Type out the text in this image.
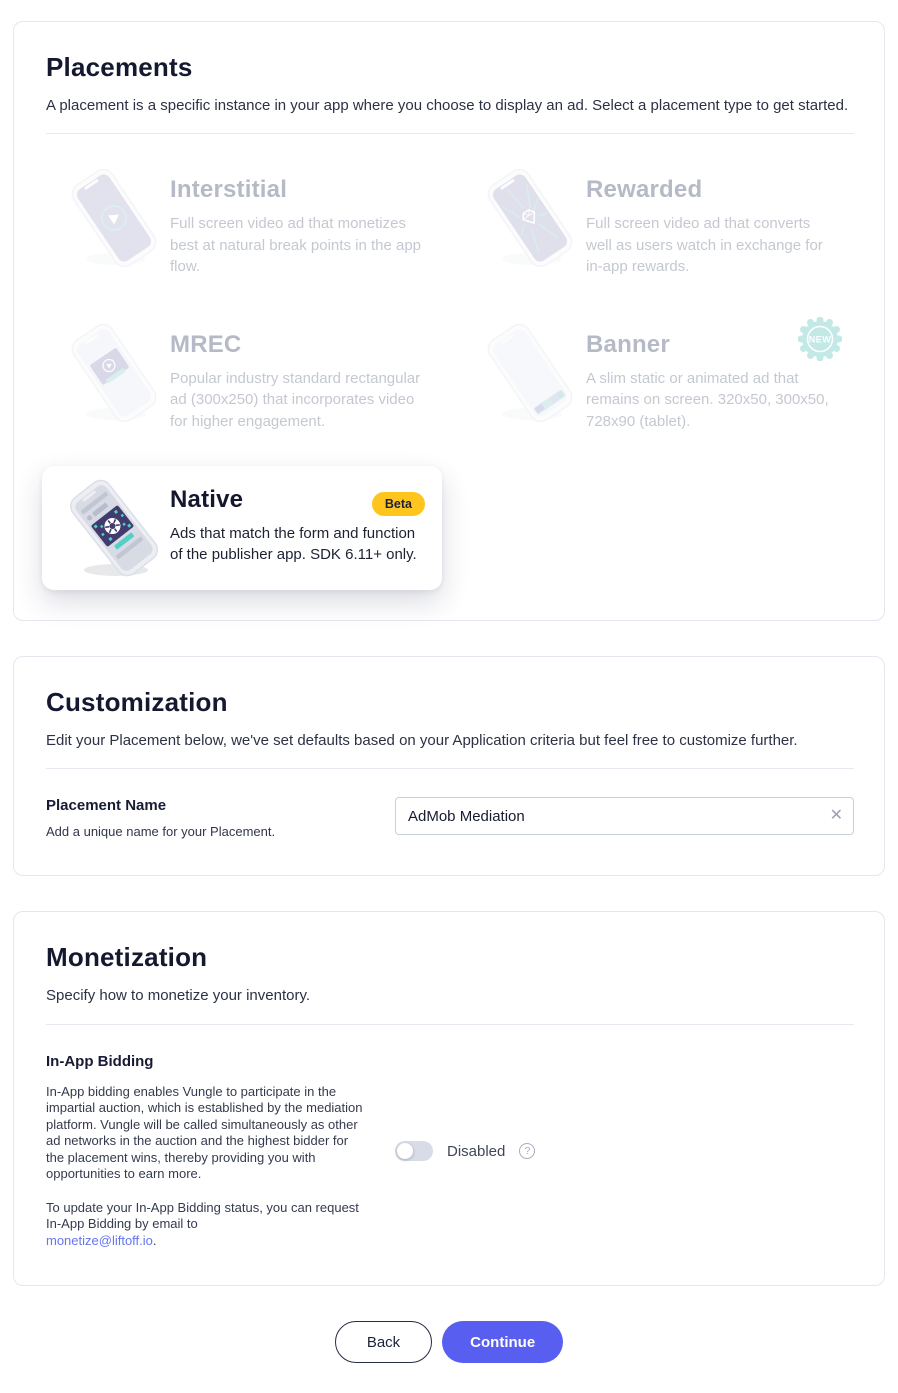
Placements

A placement is a specific instance in your app where you choose to display an ad. Select a placement type to get started.

Interstitial

Full screen video ad that monetizes best at natural break points in the app flow.

Rewarded

Full screen video ad that converts well as users watch in exchange for in-app rewards.

MREC

Popular industry standard rectangular ad (300x250) that incorporates video for higher engagement.

Banner

A slim static or animated ad that remains on screen. 320x50, 300x50, 728x90 (tablet).

NEW
Native

Ads that match the form and function of the publisher app. SDK 6.11+ only.

Beta
Customization

Edit your Placement below, we've set defaults based on your Application criteria but feel free to customize further.

Placement Name

Add a unique name for your Placement.

AdMob Mediation
✕
Monetization

Specify how to monetize your inventory.

In-App Bidding

In-App bidding enables Vungle to participate in the impartial auction, which is established by the mediation platform. Vungle will be called simultaneously as other ad networks in the auction and the highest bidder for the placement wins, thereby providing you with opportunities to earn more.

To update your In-App Bidding status, you can request In-App Bidding by email to
monetize@liftoff.io.

Disabled	?
Back	Continue
